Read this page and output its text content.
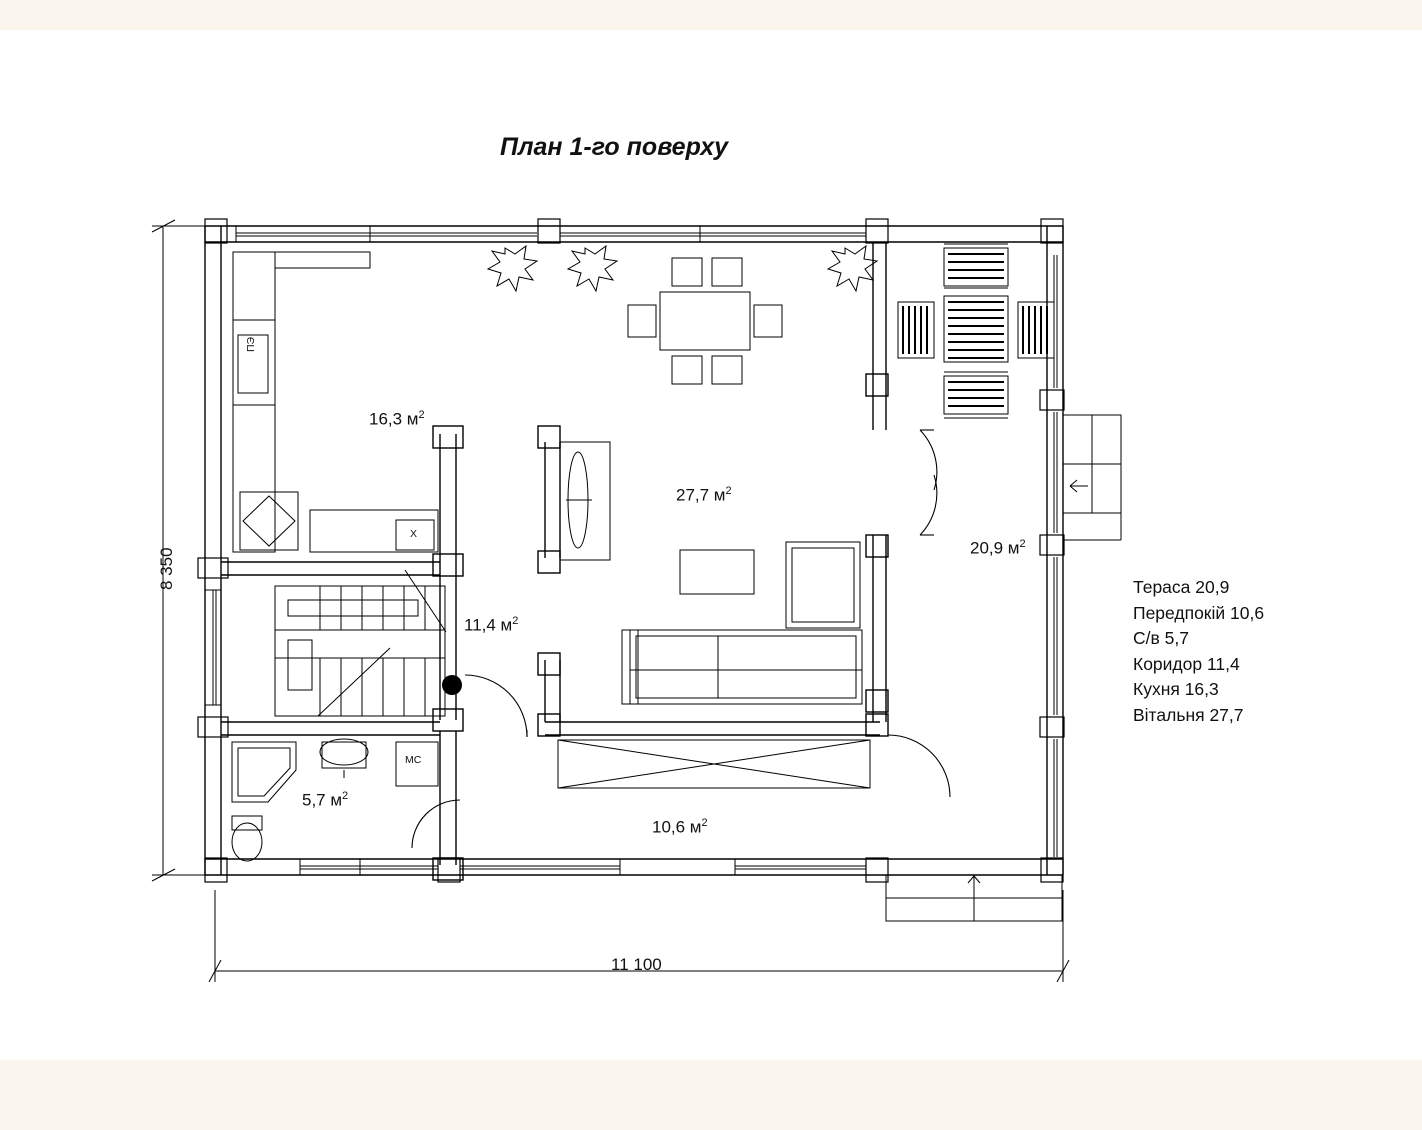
План 1-го поверху
16,3 $м^2$
27,7 $м^2$
20,9 $м^2$
11,4 $м^2$
5,7 $м^2$
10,6 $м^2$
ПЭ
Х
МС
8 350
11 100
Тераса 20,9
Передпокій 10,6
С/в 5,7
Коридор 11,4
Кухня 16,3
Вітальня 27,7
